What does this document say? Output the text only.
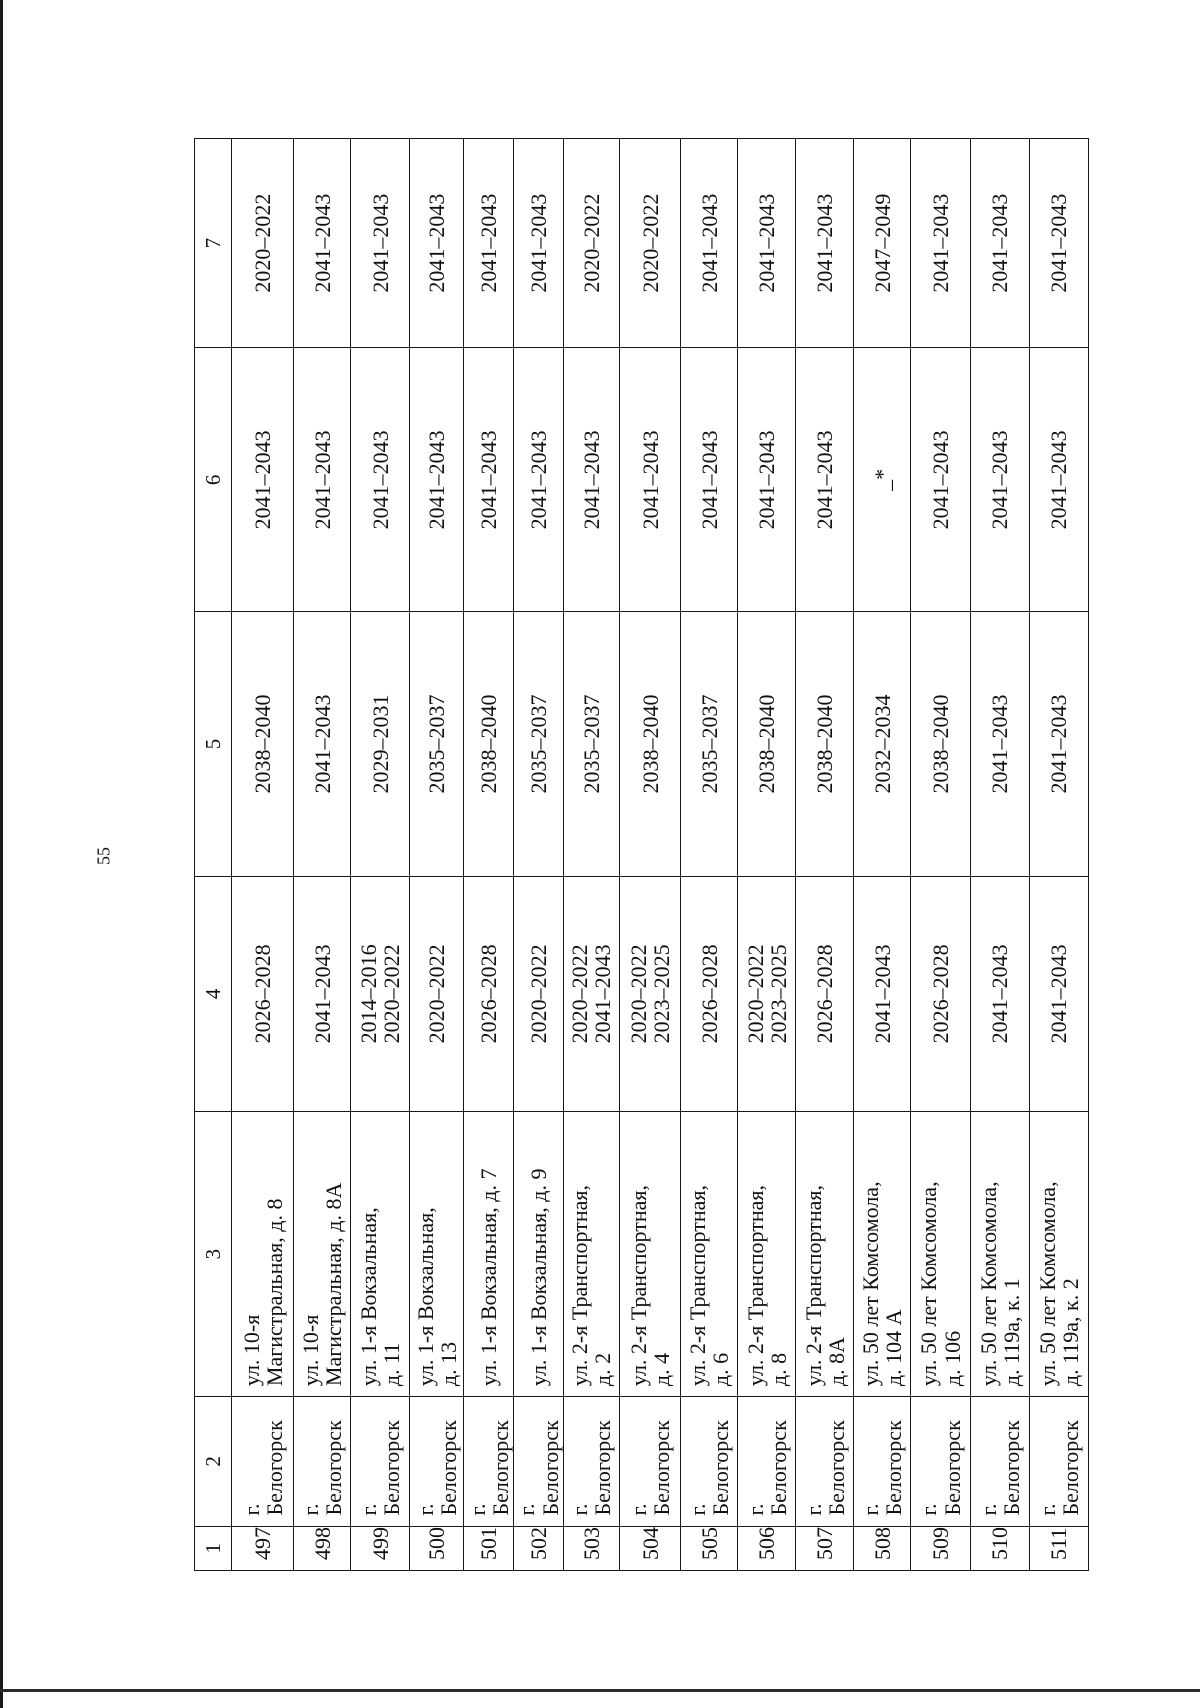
55
1	2	3	4	5	6	7
497	г. Белогорск	ул. 10-я
Магистральная, д. 8	2026–2028	2038–2040	2041–2043	2020–2022
498	г. Белогорск	ул. 10-я
Магистральная, д. 8А	2041–2043	2041–2043	2041–2043	2041–2043
499	г. Белогорск	ул. 1-я Вокзальная,
д. 11	2014–2016
2020–2022	2029–2031	2041–2043	2041–2043
500	г. Белогорск	ул. 1-я Вокзальная,
д. 13	2020–2022	2035–2037	2041–2043	2041–2043
501	г. Белогорск	ул. 1-я Вокзальная, д. 7	2026–2028	2038–2040	2041–2043	2041–2043
502	г. Белогорск	ул. 1-я Вокзальная, д. 9	2020–2022	2035–2037	2041–2043	2041–2043
503	г. Белогорск	ул. 2-я Транспортная,
д. 2	2020–2022
2041–2043	2035–2037	2041–2043	2020–2022
504	г. Белогорск	ул. 2-я Транспортная,
д. 4	2020–2022
2023–2025	2038–2040	2041–2043	2020–2022
505	г. Белогорск	ул. 2-я Транспортная,
д. 6	2026–2028	2035–2037	2041–2043	2041–2043
506	г. Белогорск	ул. 2-я Транспортная,
д. 8	2020–2022
2023–2025	2038–2040	2041–2043	2041–2043
507	г. Белогорск	ул. 2-я Транспортная,
д. 8А	2026–2028	2038–2040	2041–2043	2041–2043
508	г. Белогорск	ул. 50 лет Комсомола,
д. 104 А	2041–2043	2032–2034	_*	2047–2049
509	г. Белогорск	ул. 50 лет Комсомола,
д. 106	2026–2028	2038–2040	2041–2043	2041–2043
510	г. Белогорск	ул. 50 лет Комсомола,
д. 119а, к. 1	2041–2043	2041–2043	2041–2043	2041–2043
511	г. Белогорск	ул. 50 лет Комсомола,
д. 119а, к. 2	2041–2043	2041–2043	2041–2043	2041–2043
